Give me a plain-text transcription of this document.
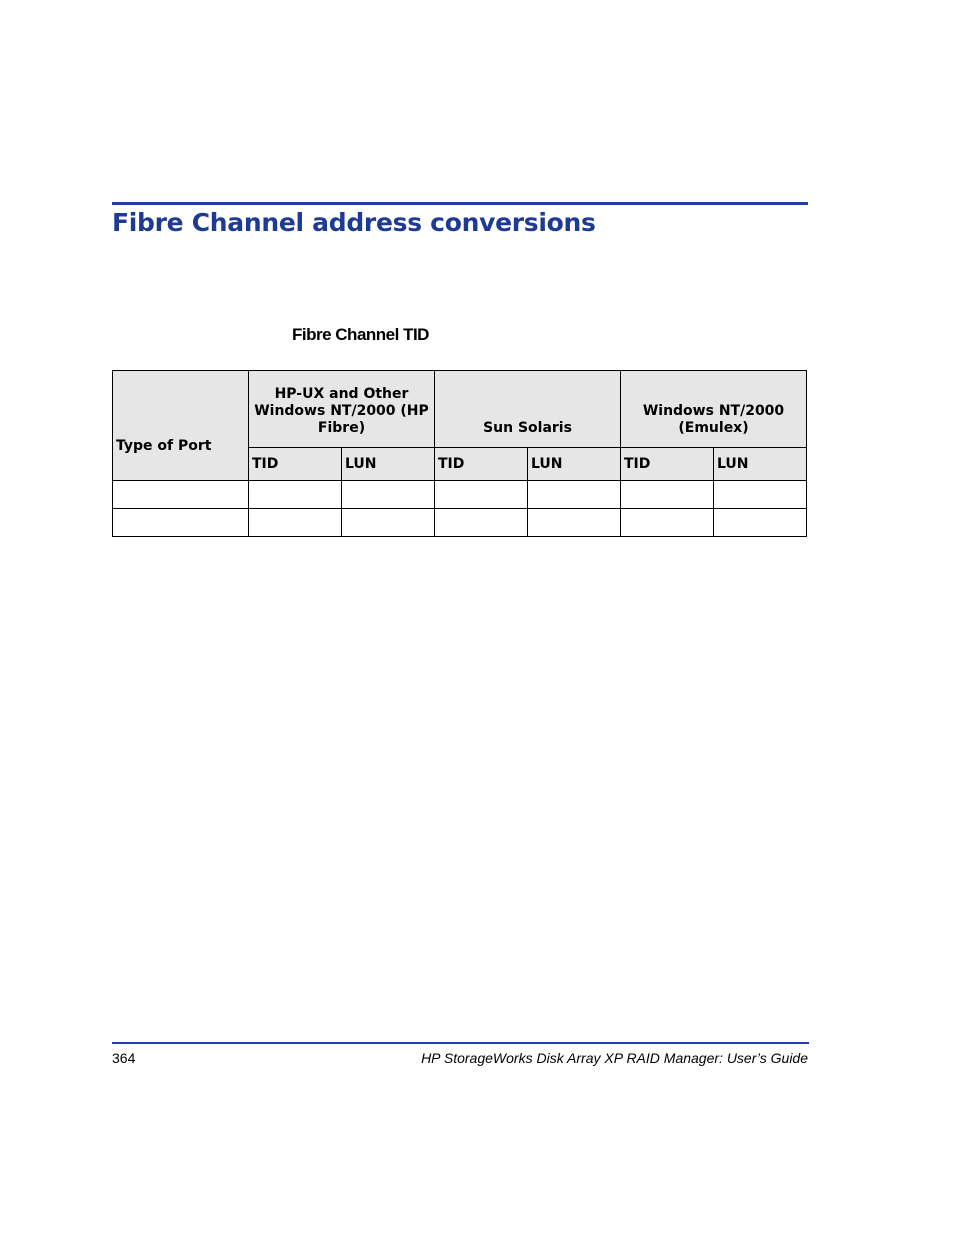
Fibre Channel address conversions

Fibre Channel TID

Type of Port	HP-UX and Other Windows NT/2000 (HP Fibre)		Sun Solaris		Windows NT/2000 (Emulex)	
	TID	LUN	TID	LUN	TID	LUN

364	HP StorageWorks Disk Array XP RAID Manager: User’s Guide
